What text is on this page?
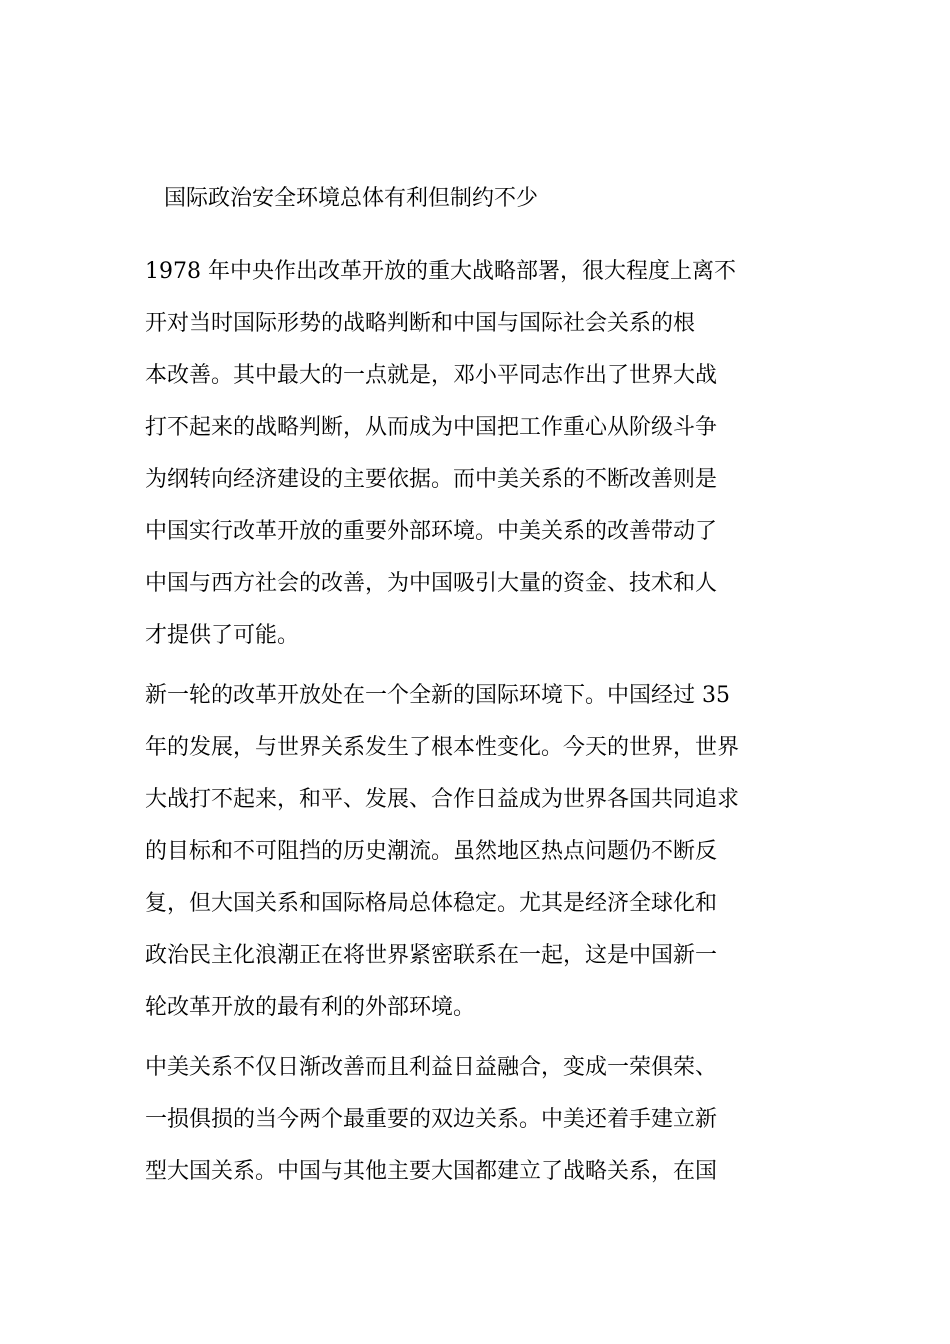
国际政治安全环境总体有利但制约不少
1978 年中央作出改革开放的重大战略部署，很大程度上离不
开对当时国际形势的战略判断和中国与国际社会关系的根
本改善。其中最大的一点就是，邓小平同志作出了世界大战
打不起来的战略判断，从而成为中国把工作重心从阶级斗争
为纲转向经济建设的主要依据。而中美关系的不断改善则是
中国实行改革开放的重要外部环境。中美关系的改善带动了
中国与西方社会的改善，为中国吸引大量的资金、技术和人
才提供了可能。
新一轮的改革开放处在一个全新的国际环境下。中国经过 35
年的发展，与世界关系发生了根本性变化。今天的世界，世界
大战打不起来，和平、发展、合作日益成为世界各国共同追求
的目标和不可阻挡的历史潮流。虽然地区热点问题仍不断反
复，但大国关系和国际格局总体稳定。尤其是经济全球化和
政治民主化浪潮正在将世界紧密联系在一起，这是中国新一
轮改革开放的最有利的外部环境。
中美关系不仅日渐改善而且利益日益融合，变成一荣俱荣、
一损俱损的当今两个最重要的双边关系。中美还着手建立新
型大国关系。中国与其他主要大国都建立了战略关系，在国
